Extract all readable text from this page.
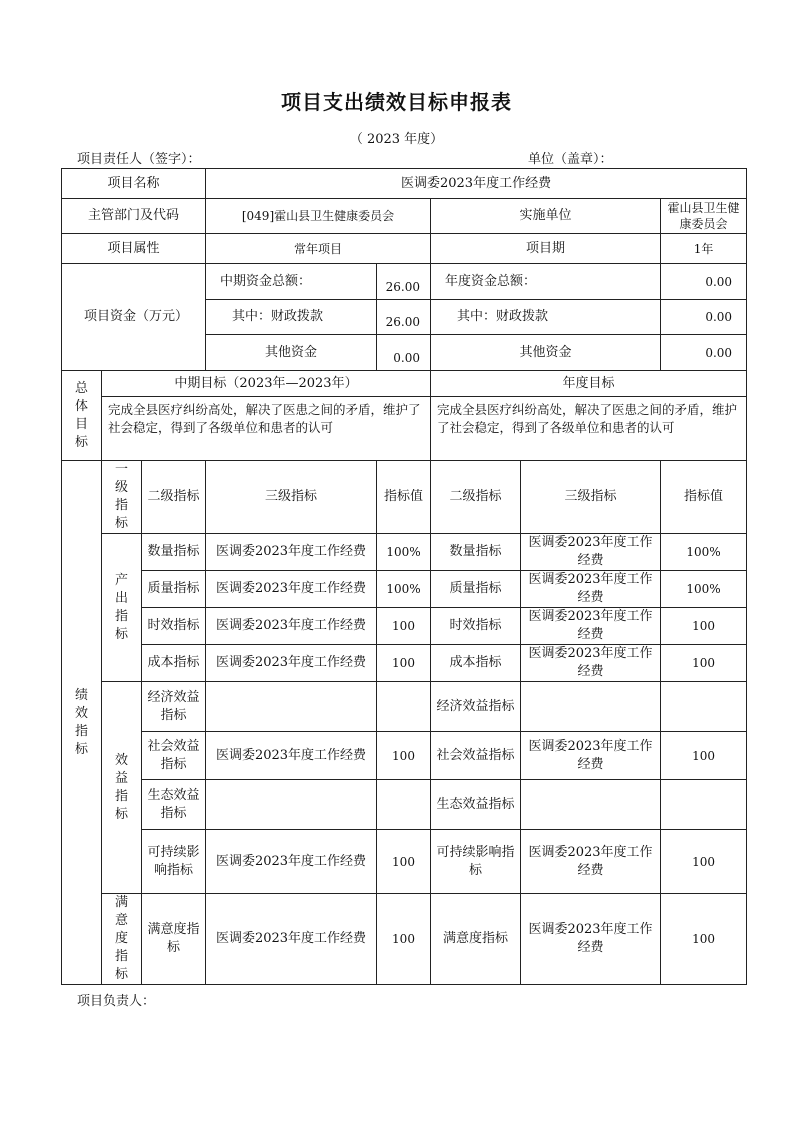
项目支出绩效目标申报表
（ 2023 年度）
项目责任人（签字）：	单位（盖章）：
项目名称			医调委2023年度工作经费				
主管部门及代码			[049]霍山县卫生健康委员会		实施单位		霍山县卫生健康委员会
项目属性			常年项目		项目期		1年
项目资金（万元）			中期资金总额：	26.00	年度资金总额：		0.00
			其中：财政拨款	26.00	其中：财政拨款		0.00
			其他资金	0.00	其他资金		0.00
总体目标	中期目标（2023年—2023年）				年度目标		
	完成全县医疗纠纷高处，解决了医患之间的矛盾，维护了社会稳定，得到了各级单位和患者的认可				完成全县医疗纠纷高处，解决了医患之间的矛盾，维护了社会稳定，得到了各级单位和患者的认可		
绩效指标	一级指标	二级指标	三级指标	指标值	二级指标	三级指标	指标值
	产出指标	数量指标	医调委2023年度工作经费	100%	数量指标	医调委2023年度工作经费	100%
		质量指标	医调委2023年度工作经费	100%	质量指标	医调委2023年度工作经费	100%
		时效指标	医调委2023年度工作经费	100	时效指标	医调委2023年度工作经费	100
		成本指标	医调委2023年度工作经费	100	成本指标	医调委2023年度工作经费	100
	效益指标	经济效益指标			经济效益指标		
		社会效益指标	医调委2023年度工作经费	100	社会效益指标	医调委2023年度工作经费	100
		生态效益指标			生态效益指标		
		可持续影响指标	医调委2023年度工作经费	100	可持续影响指标	医调委2023年度工作经费	100
	满意度指标	满意度指标	医调委2023年度工作经费	100	满意度指标	医调委2023年度工作经费	100
项目负责人：
